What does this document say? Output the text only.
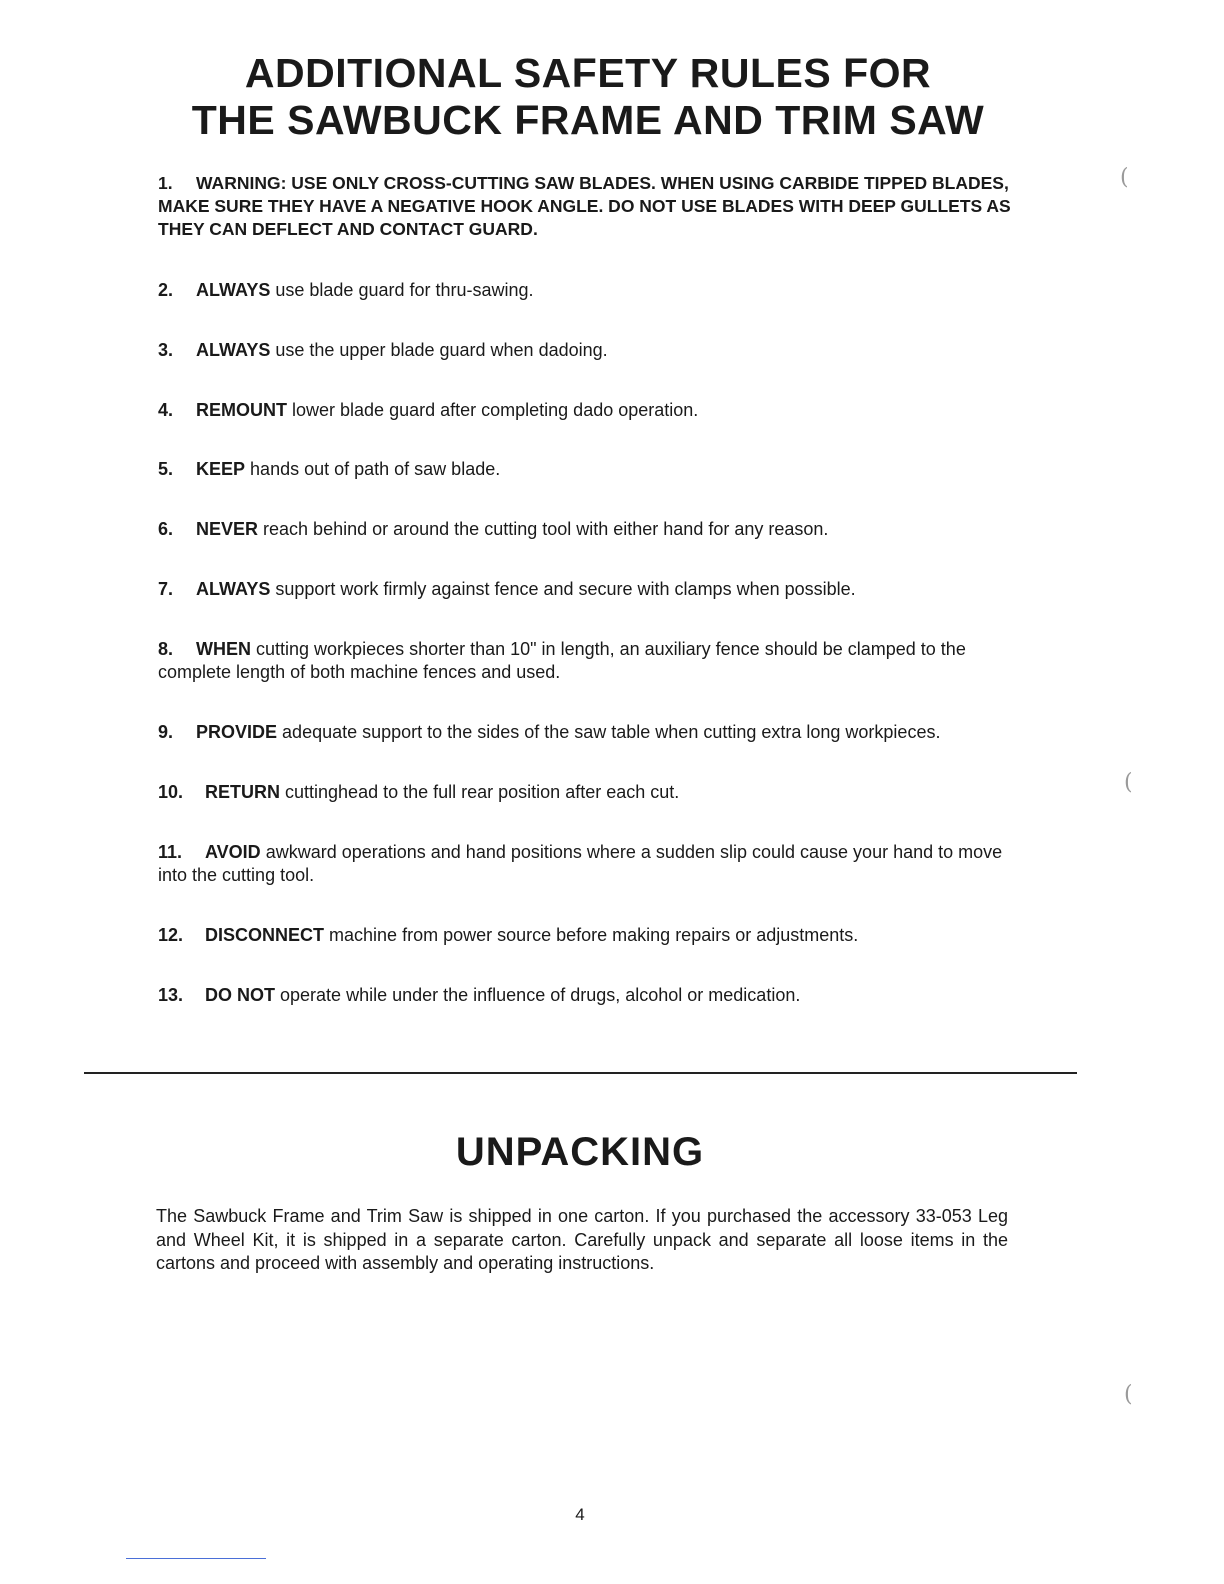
ADDITIONAL SAFETY RULES FOR
THE SAWBUCK FRAME AND TRIM SAW
1. WARNING: USE ONLY CROSS-CUTTING SAW BLADES. WHEN USING CARBIDE TIPPED BLADES, MAKE SURE THEY HAVE A NEGATIVE HOOK ANGLE. DO NOT USE BLADES WITH DEEP GULLETS AS THEY CAN DEFLECT AND CONTACT GUARD.
2. ALWAYS use blade guard for thru-sawing.
3. ALWAYS use the upper blade guard when dadoing.
4. REMOUNT lower blade guard after completing dado operation.
5. KEEP hands out of path of saw blade.
6. NEVER reach behind or around the cutting tool with either hand for any reason.
7. ALWAYS support work firmly against fence and secure with clamps when possible.
8. WHEN cutting workpieces shorter than 10" in length, an auxiliary fence should be clamped to the complete length of both machine fences and used.
9. PROVIDE adequate support to the sides of the saw table when cutting extra long workpieces.
10. RETURN cuttinghead to the full rear position after each cut.
11. AVOID awkward operations and hand positions where a sudden slip could cause your hand to move into the cutting tool.
12. DISCONNECT machine from power source before making repairs or adjustments.
13. DO NOT operate while under the influence of drugs, alcohol or medication.
UNPACKING

The Sawbuck Frame and Trim Saw is shipped in one carton. If you purchased the accessory 33-053 Leg and Wheel Kit, it is shipped in a separate carton. Carefully unpack and separate all loose items in the cartons and proceed with assembly and operating instructions.

4
(
(
(
